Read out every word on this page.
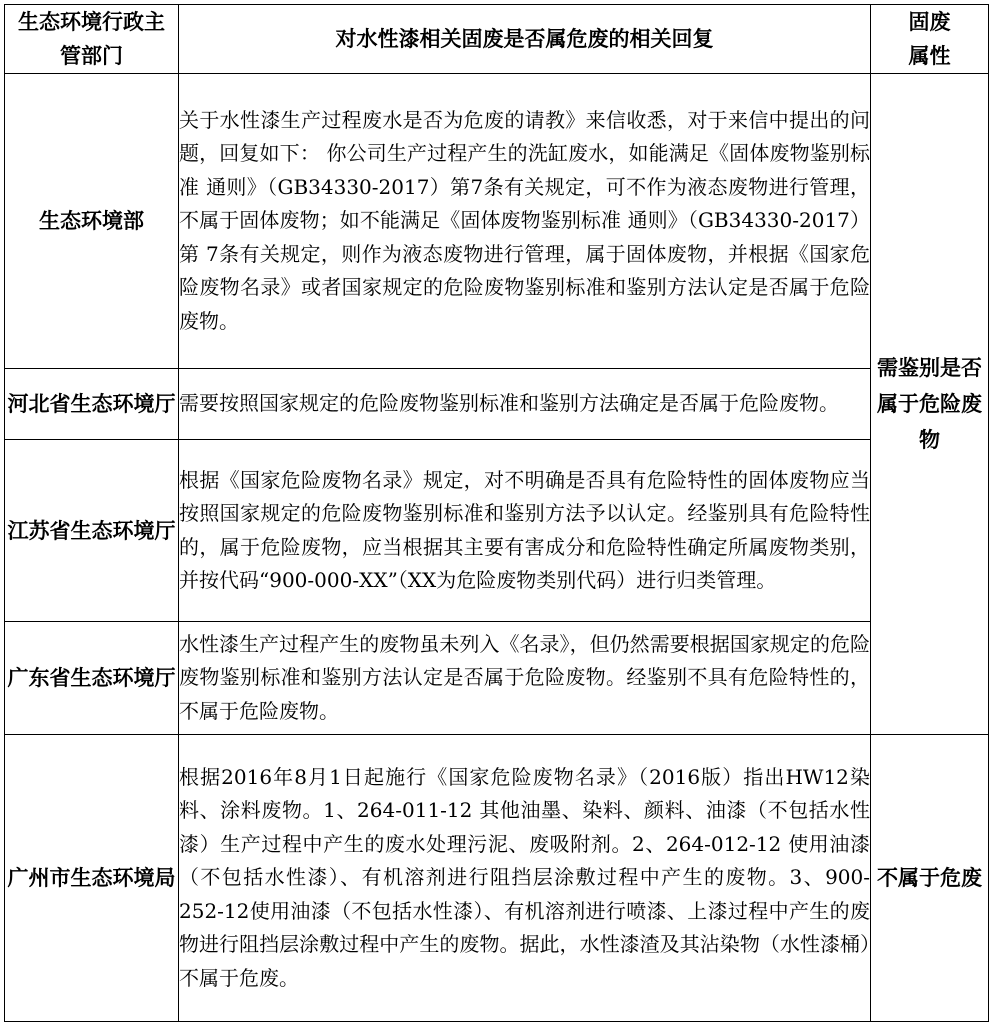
生态环境行政主管部门	对水性漆相关固废是否属危废的相关回复	固废属性
生态环境部	关于水性漆生产过程废水是否为危废的请教》来信收悉，对于来信中提出的问题，回复如下： 你公司生产过程产生的洗缸废水，如能满足《固体废物鉴别标准 通则》（GB34330-2017）第7条有关规定，可不作为液态废物进行管理，不属于固体废物；如不能满足《固体废物鉴别标准 通则》（GB34330-2017）第 7条有关规定，则作为液态废物进行管理，属于固体废物，并根据《国家危险废物名录》或者国家规定的危险废物鉴别标准和鉴别方法认定是否属于危险废物。	需鉴别是否属于危险废物
河北省生态环境厅	需要按照国家规定的危险废物鉴别标准和鉴别方法确定是否属于危险废物。	
江苏省生态环境厅	根据《国家危险废物名录》规定，对不明确是否具有危险特性的固体废物应当按照国家规定的危险废物鉴别标准和鉴别方法予以认定。经鉴别具有危险特性的，属于危险废物，应当根据其主要有害成分和危险特性确定所属废物类别，并按代码“900-000-XX”（XX为危险废物类别代码）进行归类管理。	
广东省生态环境厅	水性漆生产过程产生的废物虽未列入《名录》，但仍然需要根据国家规定的危险废物鉴别标准和鉴别方法认定是否属于危险废物。经鉴别不具有危险特性的，不属于危险废物。	
广州市生态环境局	根据2016年8月1日起施行《国家危险废物名录》（2016版）指出HW12染料、涂料废物。1、264-011-12 其他油墨、染料、颜料、油漆（不包括水性漆）生产过程中产生的废水处理污泥、废吸附剂。2、264-012-12 使用油漆（不包括水性漆）、有机溶剂进行阻挡层涂敷过程中产生的废物。3、900-252-12使用油漆（不包括水性漆）、有机溶剂进行喷漆、上漆过程中产生的废物进行阻挡层涂敷过程中产生的废物。据此，水性漆渣及其沾染物（水性漆桶）不属于危废。	不属于危废
